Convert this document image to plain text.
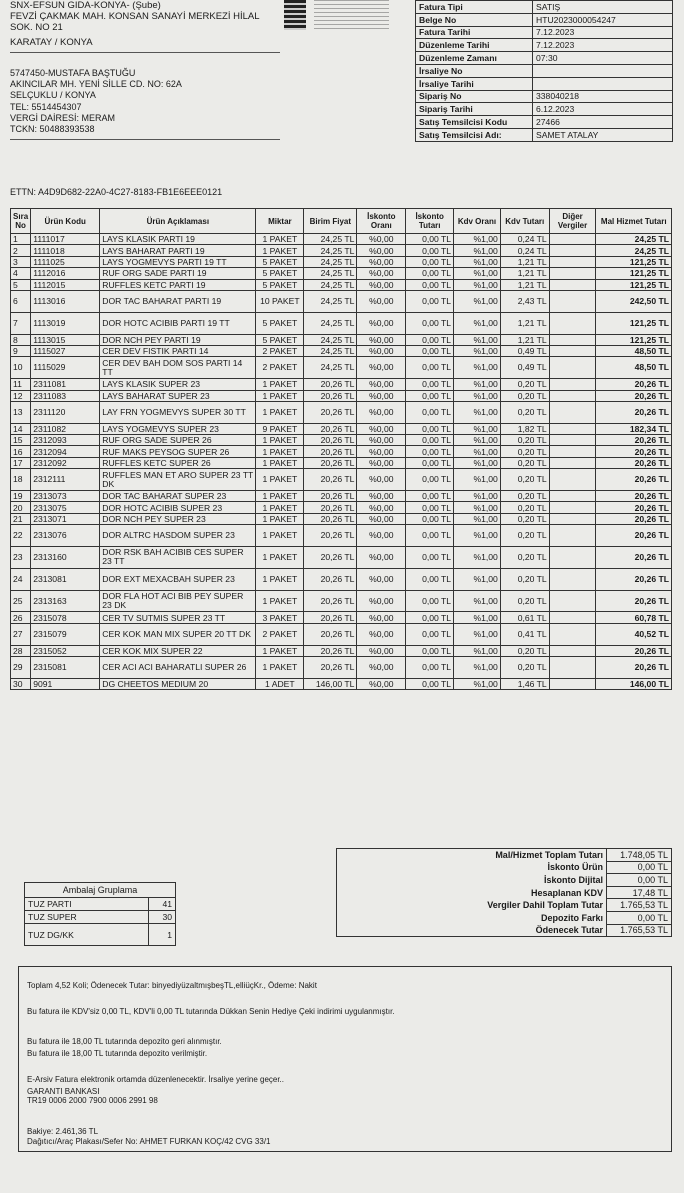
SNX-EFSUN GIDA-KONYA- (Şube)
FEVZİ ÇAKMAK MAH. KONSAN SANAYİ MERKEZİ HİLAL
SOK. NO 21
KARATAY / KONYA
5747450-MUSTAFA BAŞTUĞU
AKINCILAR MH. YENİ SİLLE CD. NO: 62A
SELÇUKLU / KONYA
TEL: 5514454307
VERGİ DAİRESİ: MERAM
TCKN: 50488393538
ETTN: A4D9D682-22A0-4C27-8183-FB1E6EEE0121
Fatura Tipi	SATIŞ
Belge No	HTU2023000054247
Fatura Tarihi	7.12.2023
Düzenleme Tarihi	7.12.2023
Düzenleme Zamanı	07:30
İrsaliye No	
İrsaliye Tarihi	
Sipariş No	338040218
Sipariş Tarihi	6.12.2023
Satış Temsilcisi Kodu	27466
Satış Temsilcisi Adı:	SAMET ATALAY
Sıra No	Ürün Kodu	Ürün Açıklaması	Miktar	Birim Fiyat	İskonto Oranı	İskonto Tutarı	Kdv Oranı	Kdv Tutarı	Diğer Vergiler	Mal Hizmet Tutarı
1	1111017	LAYS KLASIK PARTI 19	1 PAKET	24,25 TL	%0,00	0,00 TL	%1,00	0,24 TL		24,25 TL
2	1111018	LAYS BAHARAT PARTI 19	1 PAKET	24,25 TL	%0,00	0,00 TL	%1,00	0,24 TL		24,25 TL
3	1111025	LAYS YOGMEVYS PARTI 19 TT	5 PAKET	24,25 TL	%0,00	0,00 TL	%1,00	1,21 TL		121,25 TL
4	1112016	RUF ORG SADE PARTI 19	5 PAKET	24,25 TL	%0,00	0,00 TL	%1,00	1,21 TL		121,25 TL
5	1112015	RUFFLES KETC PARTI 19	5 PAKET	24,25 TL	%0,00	0,00 TL	%1,00	1,21 TL		121,25 TL
6	1113016	DOR TAC BAHARAT PARTI 19	10 PAKET	24,25 TL	%0,00	0,00 TL	%1,00	2,43 TL		242,50 TL
7	1113019	DOR HOTC ACIBIB PARTI 19 TT	5 PAKET	24,25 TL	%0,00	0,00 TL	%1,00	1,21 TL		121,25 TL
8	1113015	DOR NCH PEY PARTI 19	5 PAKET	24,25 TL	%0,00	0,00 TL	%1,00	1,21 TL		121,25 TL
9	1115027	CER DEV FISTIK PARTI 14	2 PAKET	24,25 TL	%0,00	0,00 TL	%1,00	0,49 TL		48,50 TL
10	1115029	CER DEV BAH DOM SOS PARTI 14 TT	2 PAKET	24,25 TL	%0,00	0,00 TL	%1,00	0,49 TL		48,50 TL
11	2311081	LAYS KLASIK SUPER 23	1 PAKET	20,26 TL	%0,00	0,00 TL	%1,00	0,20 TL		20,26 TL
12	2311083	LAYS BAHARAT SUPER 23	1 PAKET	20,26 TL	%0,00	0,00 TL	%1,00	0,20 TL		20,26 TL
13	2311120	LAY FRN YOGMEVYS SUPER 30 TT	1 PAKET	20,26 TL	%0,00	0,00 TL	%1,00	0,20 TL		20,26 TL
14	2311082	LAYS YOGMEVYS SUPER 23	9 PAKET	20,26 TL	%0,00	0,00 TL	%1,00	1,82 TL		182,34 TL
15	2312093	RUF ORG SADE SUPER 26	1 PAKET	20,26 TL	%0,00	0,00 TL	%1,00	0,20 TL		20,26 TL
16	2312094	RUF MAKS PEYSOG SUPER 26	1 PAKET	20,26 TL	%0,00	0,00 TL	%1,00	0,20 TL		20,26 TL
17	2312092	RUFFLES KETC SUPER 26	1 PAKET	20,26 TL	%0,00	0,00 TL	%1,00	0,20 TL		20,26 TL
18	2312111	RUFFLES MAN ET ARO SUPER 23 TT DK	1 PAKET	20,26 TL	%0,00	0,00 TL	%1,00	0,20 TL		20,26 TL
19	2313073	DOR TAC BAHARAT SUPER 23	1 PAKET	20,26 TL	%0,00	0,00 TL	%1,00	0,20 TL		20,26 TL
20	2313075	DOR HOTC ACIBIB SUPER 23	1 PAKET	20,26 TL	%0,00	0,00 TL	%1,00	0,20 TL		20,26 TL
21	2313071	DOR NCH PEY SUPER 23	1 PAKET	20,26 TL	%0,00	0,00 TL	%1,00	0,20 TL		20,26 TL
22	2313076	DOR ALTRC HASDOM SUPER 23	1 PAKET	20,26 TL	%0,00	0,00 TL	%1,00	0,20 TL		20,26 TL
23	2313160	DOR RSK BAH ACIBIB CES SUPER 23 TT	1 PAKET	20,26 TL	%0,00	0,00 TL	%1,00	0,20 TL		20,26 TL
24	2313081	DOR EXT MEXACBAH SUPER 23	1 PAKET	20,26 TL	%0,00	0,00 TL	%1,00	0,20 TL		20,26 TL
25	2313163	DOR FLA HOT ACI BIB PEY SUPER 23 DK	1 PAKET	20,26 TL	%0,00	0,00 TL	%1,00	0,20 TL		20,26 TL
26	2315078	CER TV SUTMIS SUPER 23 TT	3 PAKET	20,26 TL	%0,00	0,00 TL	%1,00	0,61 TL		60,78 TL
27	2315079	CER KOK MAN MIX SUPER 20 TT DK	2 PAKET	20,26 TL	%0,00	0,00 TL	%1,00	0,41 TL		40,52 TL
28	2315052	CER KOK MIX SUPER 22	1 PAKET	20,26 TL	%0,00	0,00 TL	%1,00	0,20 TL		20,26 TL
29	2315081	CER ACI ACI BAHARATLI SUPER 26	1 PAKET	20,26 TL	%0,00	0,00 TL	%1,00	0,20 TL		20,26 TL
30	9091	DG CHEETOS MEDIUM 20	1 ADET	146,00 TL	%0,00	0,00 TL	%1,00	1,46 TL		146,00 TL
Ambalaj Gruplama	
TUZ PARTI	41
TUZ SUPER	30
TUZ DG/KK	1
Mal/Hizmet Toplam Tutarı	1.748,05 TL
İskonto Ürün	0,00 TL
İskonto Dijital	0,00 TL
Hesaplanan KDV	17,48 TL
Vergiler Dahil Toplam Tutar	1.765,53 TL
Depozito Farkı	0,00 TL
Ödenecek Tutar	1.765,53 TL

Toplam 4,52 Koli; Ödenecek Tutar: binyediyüzaltmışbeşTL,elliüçKr., Ödeme: Nakit

Bu fatura ile KDV'siz 0,00 TL, KDV'li 0,00 TL tutarında Dükkan Senin Hediye Çeki indirimi uygulanmıştır.

Bu fatura ile 18,00 TL tutarında depozito geri alınmıştır.

Bu fatura ile 18,00 TL tutarında depozito verilmiştir.

E-Arsiv Fatura elektronik ortamda düzenlenecektir. İrsaliye yerine geçer..

GARANTI BANKASI

TR19 0006 2000 7900 0006 2991 98

Bakiye: 2.461,36 TL

Dağıtıcı/Araç Plakası/Sefer No: AHMET FURKAN KOÇ/42 CVG 33/1
